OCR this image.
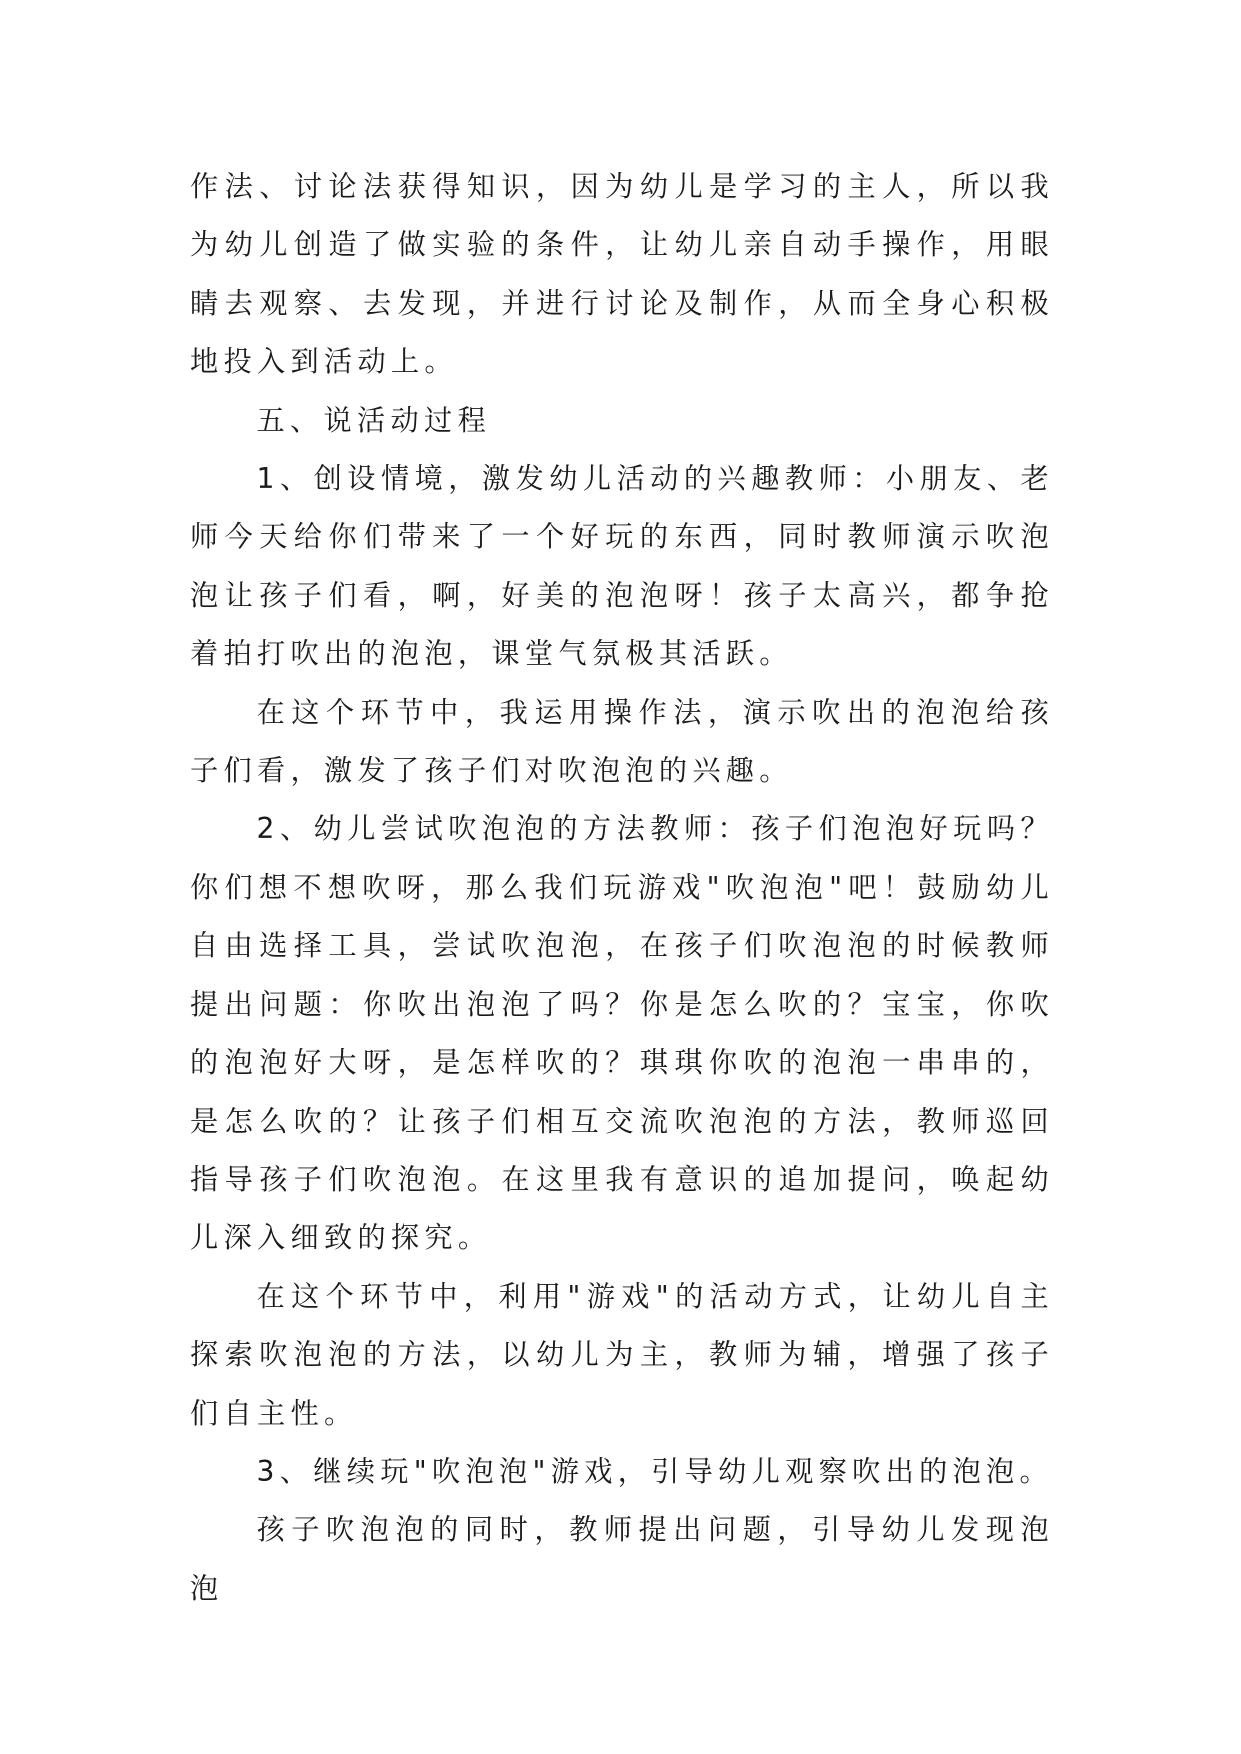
作法、讨论法获得知识，因为幼儿是学习的主人，所以我为幼儿创造了做实验的条件，让幼儿亲自动手操作，用眼睛去观察、去发现，并进行讨论及制作，从而全身心积极地投入到活动上。

五、说活动过程

1、创设情境，激发幼儿活动的兴趣教师：小朋友、老师今天给你们带来了一个好玩的东西，同时教师演示吹泡泡让孩子们看，啊，好美的泡泡呀！孩子太高兴，都争抢着拍打吹出的泡泡，课堂气氛极其活跃。

在这个环节中，我运用操作法，演示吹出的泡泡给孩子们看，激发了孩子们对吹泡泡的兴趣。

2、幼儿尝试吹泡泡的方法教师：孩子们泡泡好玩吗？你们想不想吹呀，那么我们玩游戏"吹泡泡"吧！鼓励幼儿自由选择工具，尝试吹泡泡，在孩子们吹泡泡的时候教师提出问题：你吹出泡泡了吗？你是怎么吹的？宝宝，你吹的泡泡好大呀，是怎样吹的？琪琪你吹的泡泡一串串的，是怎么吹的？让孩子们相互交流吹泡泡的方法，教师巡回指导孩子们吹泡泡。在这里我有意识的追加提问，唤起幼儿深入细致的探究。

在这个环节中，利用"游戏"的活动方式，让幼儿自主探索吹泡泡的方法，以幼儿为主，教师为辅，增强了孩子们自主性。

3、继续玩"吹泡泡"游戏，引导幼儿观察吹出的泡泡。

孩子吹泡泡的同时，教师提出问题，引导幼儿发现泡泡
